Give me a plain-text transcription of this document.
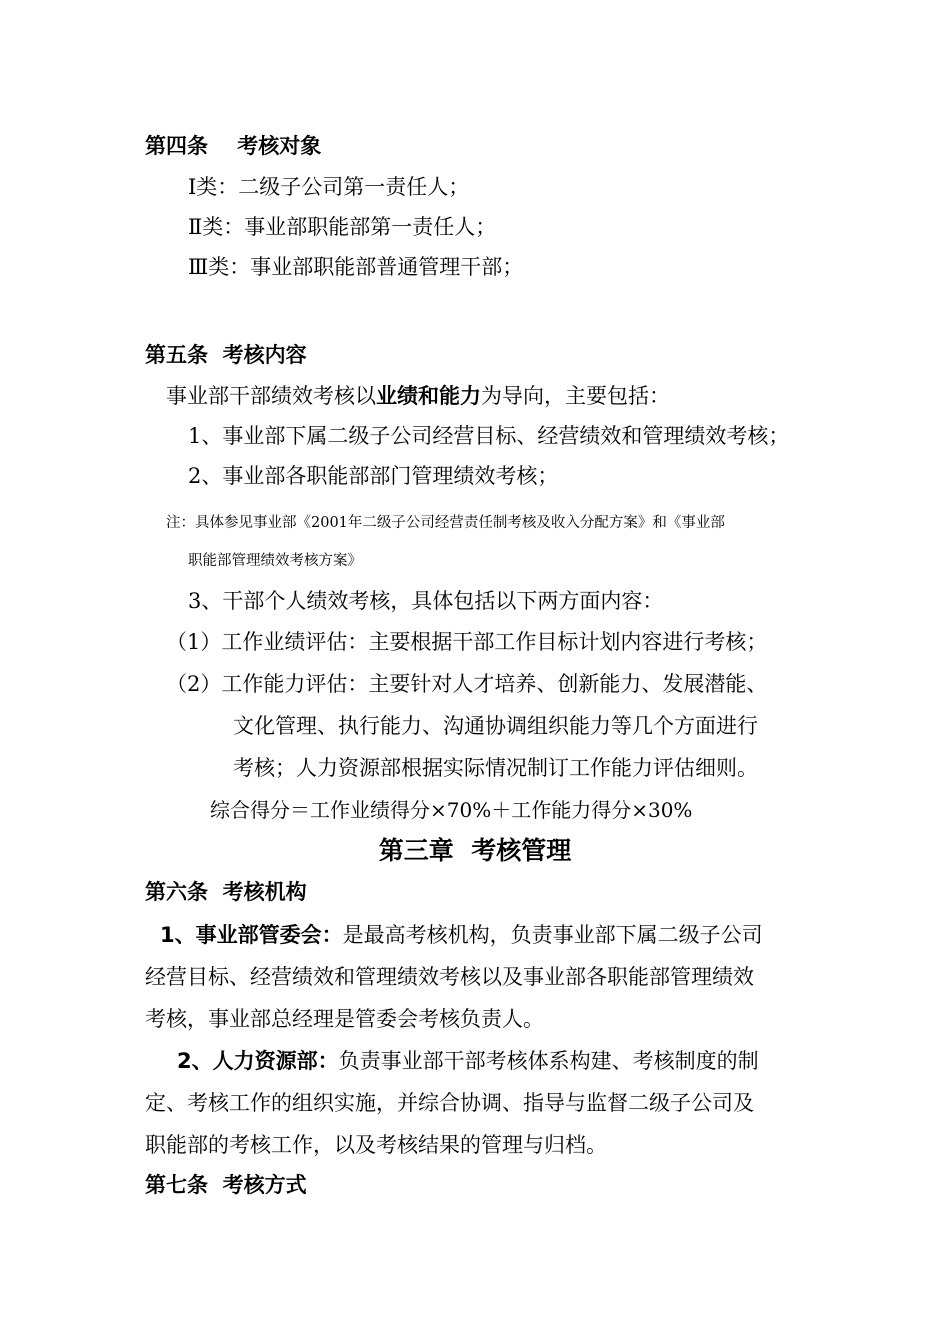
第四条    考核对象
Ⅰ类：二级子公司第一责任人；
Ⅱ类：事业部职能部第一责任人；
Ⅲ类：事业部职能部普通管理干部；
第五条  考核内容
事业部干部绩效考核以业绩和能力为导向，主要包括：
1、事业部下属二级子公司经营目标、经营绩效和管理绩效考核；
2、事业部各职能部部门管理绩效考核；
注：具体参见事业部《2001年二级子公司经营责任制考核及收入分配方案》和《事业部
职能部管理绩效考核方案》
3、干部个人绩效考核，具体包括以下两方面内容：
（1）工作业绩评估：主要根据干部工作目标计划内容进行考核；
（2）工作能力评估：主要针对人才培养、创新能力、发展潜能、
文化管理、执行能力、沟通协调组织能力等几个方面进行
考核；人力资源部根据实际情况制订工作能力评估细则。
综合得分＝工作业绩得分×70%＋工作能力得分×30%
第三章  考核管理
第六条  考核机构
1、事业部管委会：是最高考核机构，负责事业部下属二级子公司
经营目标、经营绩效和管理绩效考核以及事业部各职能部管理绩效
考核，事业部总经理是管委会考核负责人。
2、人力资源部：负责事业部干部考核体系构建、考核制度的制
定、考核工作的组织实施，并综合协调、指导与监督二级子公司及
职能部的考核工作，以及考核结果的管理与归档。
第七条  考核方式
